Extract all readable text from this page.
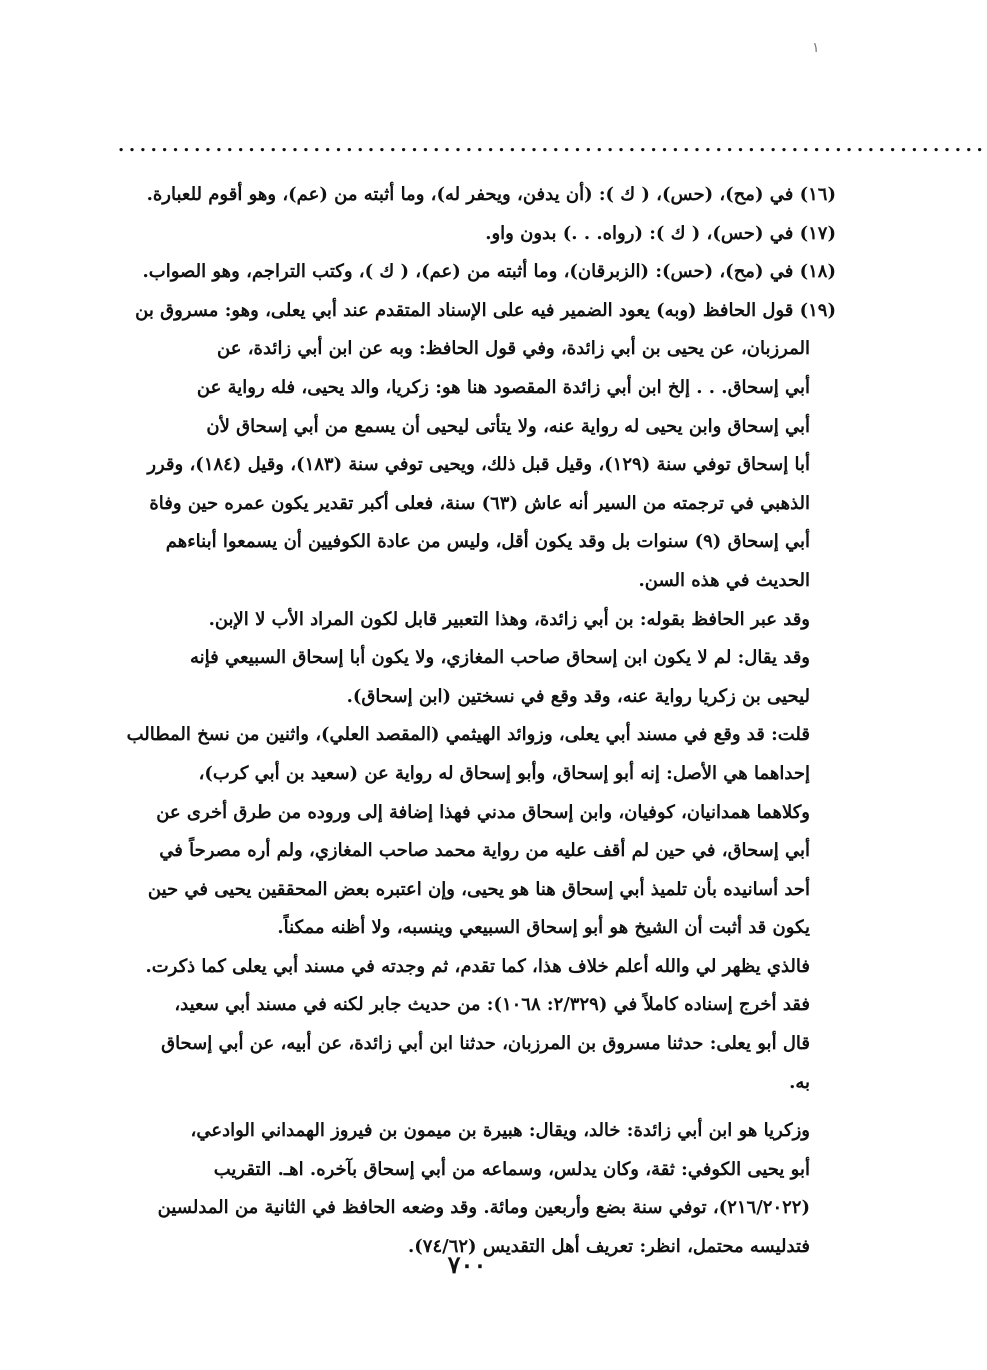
١
․․․․․․․․․․․․․․․․․․․․․․․․․․․․․․․․․․․․․․․․․․․․․․․․․․․․․․․․․․․․․․․․․․․․․․․․․․․․․․․․

(١٦) في (مح)، (حس)، ( ك ): (أن يدفن، ويحفر له)، وما أثبته من (عم)، وهو أقوم للعبارة.

(١٧) في (حس)، ( ك ): (رواه. . .) بدون واو.

(١٨) في (مح)، (حس): (الزبرقان)، وما أثبته من (عم)، ( ك )، وكتب التراجم، وهو الصواب.

(١٩) قول الحافظ (وبه) يعود الضمير فيه على الإسناد المتقدم عند أبي يعلى، وهو: مسروق بن

المرزبان، عن يحيى بن أبي زائدة، وفي قول الحافظ: وبه عن ابن أبي زائدة، عن

أبي إسحاق. . . إلخ ابن أبي زائدة المقصود هنا هو: زكريا، والد يحيى، فله رواية عن

أبي إسحاق وابن يحيى له رواية عنه، ولا يتأتى ليحيى أن يسمع من أبي إسحاق لأن

أبا إسحاق توفي سنة (١٢٩)، وقيل قبل ذلك، ويحيى توفي سنة (١٨٣)، وقيل (١٨٤)، وقرر

الذهبي في ترجمته من السير أنه عاش (٦٣) سنة، فعلى أكبر تقدير يكون عمره حين وفاة

أبي إسحاق (٩) سنوات بل وقد يكون أقل، وليس من عادة الكوفيين أن يسمعوا أبناءهم

الحديث في هذه السن.

وقد عبر الحافظ بقوله: بن أبي زائدة، وهذا التعبير قابل لكون المراد الأب لا الإبن.

وقد يقال: لم لا يكون ابن إسحاق صاحب المغازي، ولا يكون أبا إسحاق السبيعي فإنه

ليحيى بن زكريا رواية عنه، وقد وقع في نسختين (ابن إسحاق).

قلت: قد وقع في مسند أبي يعلى، وزوائد الهيثمي (المقصد العلي)، واثنين من نسخ المطالب

إحداهما هي الأصل: إنه أبو إسحاق، وأبو إسحاق له رواية عن (سعيد بن أبي كرب)،

وكلاهما همدانيان، كوفيان، وابن إسحاق مدني فهذا إضافة إلى وروده من طرق أخرى عن

أبي إسحاق، في حين لم أقف عليه من رواية محمد صاحب المغازي، ولم أره مصرحاً في

أحد أسانيده بأن تلميذ أبي إسحاق هنا هو يحيى، وإن اعتبره بعض المحققين يحيى في حين

يكون قد أثبت أن الشيخ هو أبو إسحاق السبيعي وينسبه، ولا أظنه ممكناً.

فالذي يظهر لي والله أعلم خلاف هذا، كما تقدم، ثم وجدته في مسند أبي يعلى كما ذكرت.

فقد أخرج إسناده كاملاً في (٢/٣٢٩: ١٠٦٨): من حديث جابر لكنه في مسند أبي سعيد،

قال أبو يعلى: حدثنا مسروق بن المرزبان، حدثنا ابن أبي زائدة، عن أبيه، عن أبي إسحاق

به.

وزكريا هو ابن أبي زائدة: خالد، ويقال: هبيرة بن ميمون بن فيروز الهمداني الوادعي،

أبو يحيى الكوفي: ثقة، وكان يدلس، وسماعه من أبي إسحاق بآخره. اهـ. التقريب

(٢١٦/٢٠٢٢)، توفي سنة بضع وأربعين ومائة. وقد وضعه الحافظ في الثانية من المدلسين

فتدليسه محتمل، انظر: تعريف أهل التقديس (٧٤/٦٢).

٧٠٠
